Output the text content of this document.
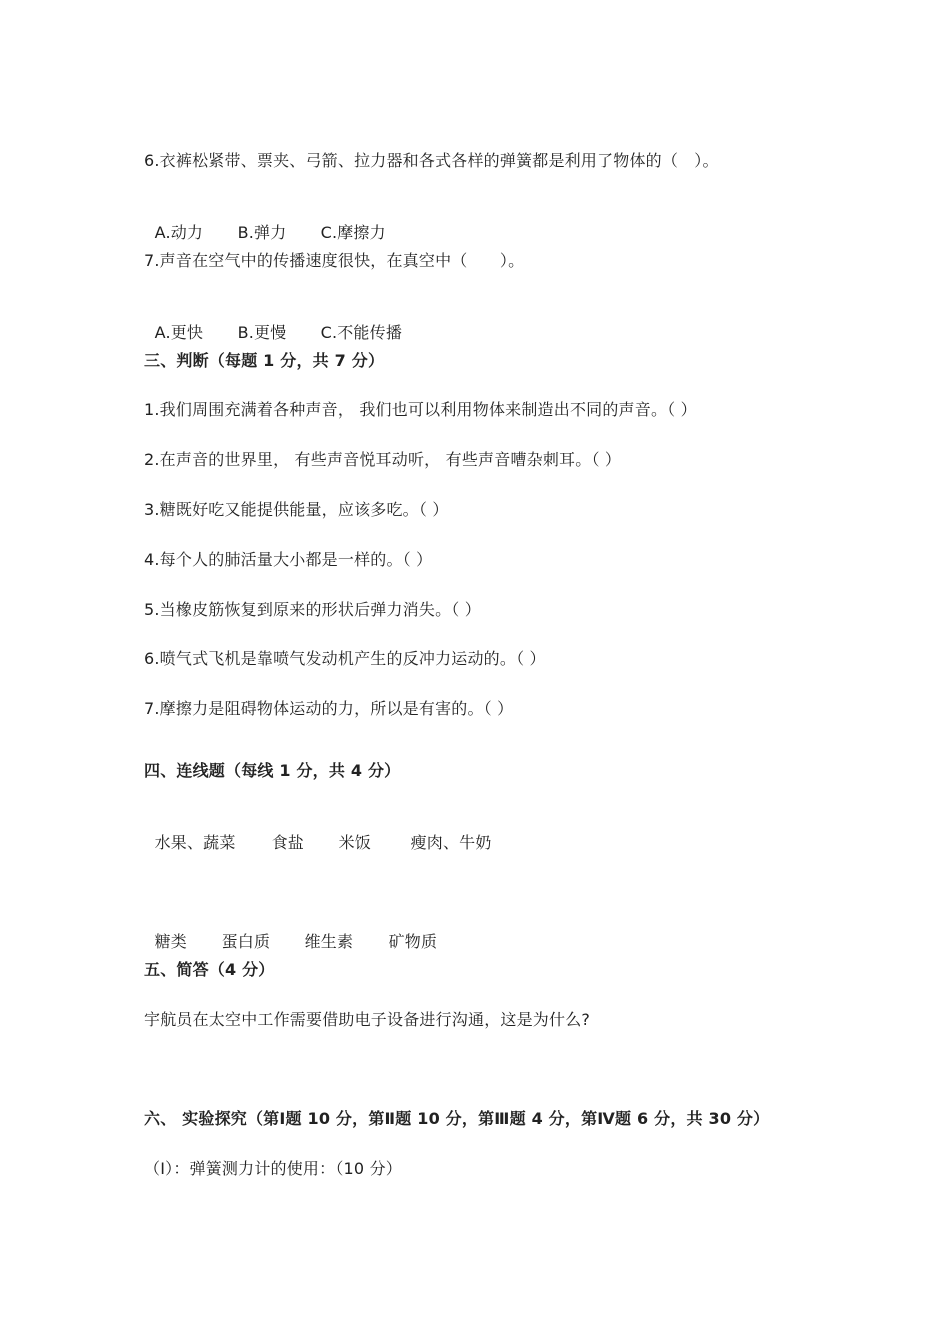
6.衣裤松紧带、票夹、弓箭、拉力器和各式各样的弹簧都是利用了物体的（　）。

A.动力 B.弹力 C.摩擦力

7.声音在空气中的传播速度很快，在真空中（　　）。

A.更快 B.更慢 C.不能传播

三、判断（每题 1 分，共 7 分）
1.我们周围充满着各种声音， 我们也可以利用物体来制造出不同的声音。（ ）
2.在声音的世界里， 有些声音悦耳动听， 有些声音嘈杂刺耳。（ ）
3.糖既好吃又能提供能量，应该多吃。（ ）
4.每个人的肺活量大小都是一样的。（ ）
5.当橡皮筋恢复到原来的形状后弹力消失。（ ）
6.喷气式飞机是靠喷气发动机产生的反冲力运动的。（ ）
7.摩擦力是阻碍物体运动的力，所以是有害的。（ ）
四、连线题（每线 1 分，共 4 分）

水果、蔬菜 食盐 米饭 瘦肉、牛奶

糖类 蛋白质 维生素 矿物质

五、简答（4 分）
宇航员在太空中工作需要借助电子设备进行沟通，这是为什么?
六、 实验探究（第Ⅰ题 10 分，第Ⅱ题 10 分，第Ⅲ题 4 分，第Ⅳ题 6 分，共 30 分）
（Ⅰ）：弹簧测力计的使用：（10 分）
